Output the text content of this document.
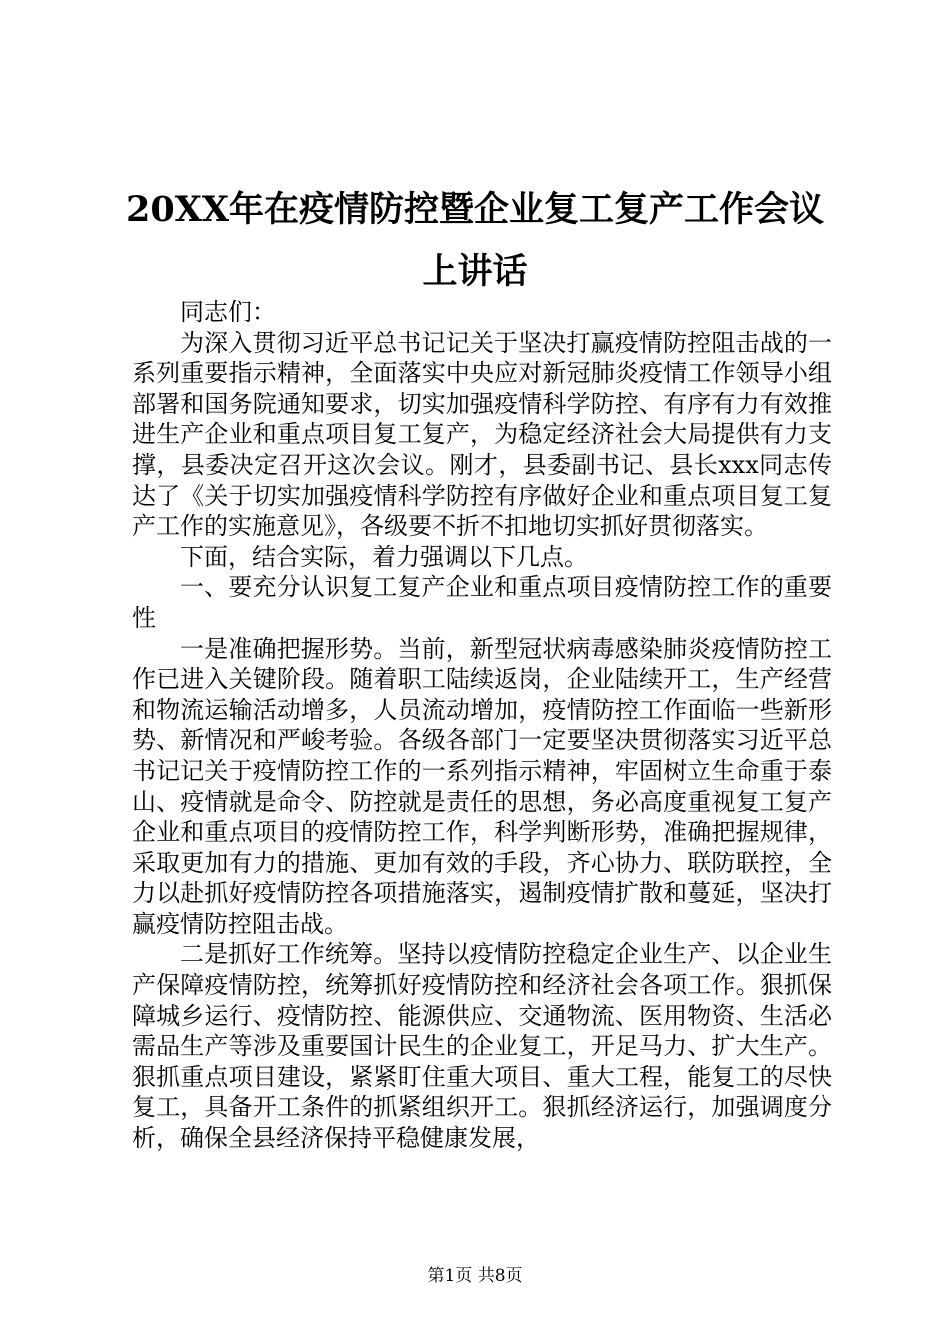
20XX年在疫情防控暨企业复工复产工作会议
上讲话

同志们：

为深入贯彻习近平总书记记关于坚决打赢疫情防控阻击战的一系列重要指示精神，全面落实中央应对新冠肺炎疫情工作领导小组部署和国务院通知要求，切实加强疫情科学防控、有序有力有效推进生产企业和重点项目复工复产，为稳定经济社会大局提供有力支撑，县委决定召开这次会议。刚才，县委副书记、县长xxx同志传达了《关于切实加强疫情科学防控有序做好企业和重点项目复工复产工作的实施意见》，各级要不折不扣地切实抓好贯彻落实。

下面，结合实际，着力强调以下几点。

一、要充分认识复工复产企业和重点项目疫情防控工作的重要性

一是准确把握形势。当前，新型冠状病毒感染肺炎疫情防控工作已进入关键阶段。随着职工陆续返岗，企业陆续开工，生产经营和物流运输活动增多，人员流动增加，疫情防控工作面临一些新形势、新情况和严峻考验。各级各部门一定要坚决贯彻落实习近平总书记记关于疫情防控工作的一系列指示精神，牢固树立生命重于泰山、疫情就是命令、防控就是责任的思想，务必高度重视复工复产企业和重点项目的疫情防控工作，科学判断形势，准确把握规律，采取更加有力的措施、更加有效的手段，齐心协力、联防联控，全力以赴抓好疫情防控各项措施落实，遏制疫情扩散和蔓延，坚决打赢疫情防控阻击战。

二是抓好工作统筹。坚持以疫情防控稳定企业生产、以企业生产保障疫情防控，统筹抓好疫情防控和经济社会各项工作。狠抓保障城乡运行、疫情防控、能源供应、交通物流、医用物资、生活必需品生产等涉及重要国计民生的企业复工，开足马力、扩大生产。狠抓重点项目建设，紧紧盯住重大项目、重大工程，能复工的尽快复工，具备开工条件的抓紧组织开工。狠抓经济运行，加强调度分析，确保全县经济保持平稳健康发展，

第1页 共8页
